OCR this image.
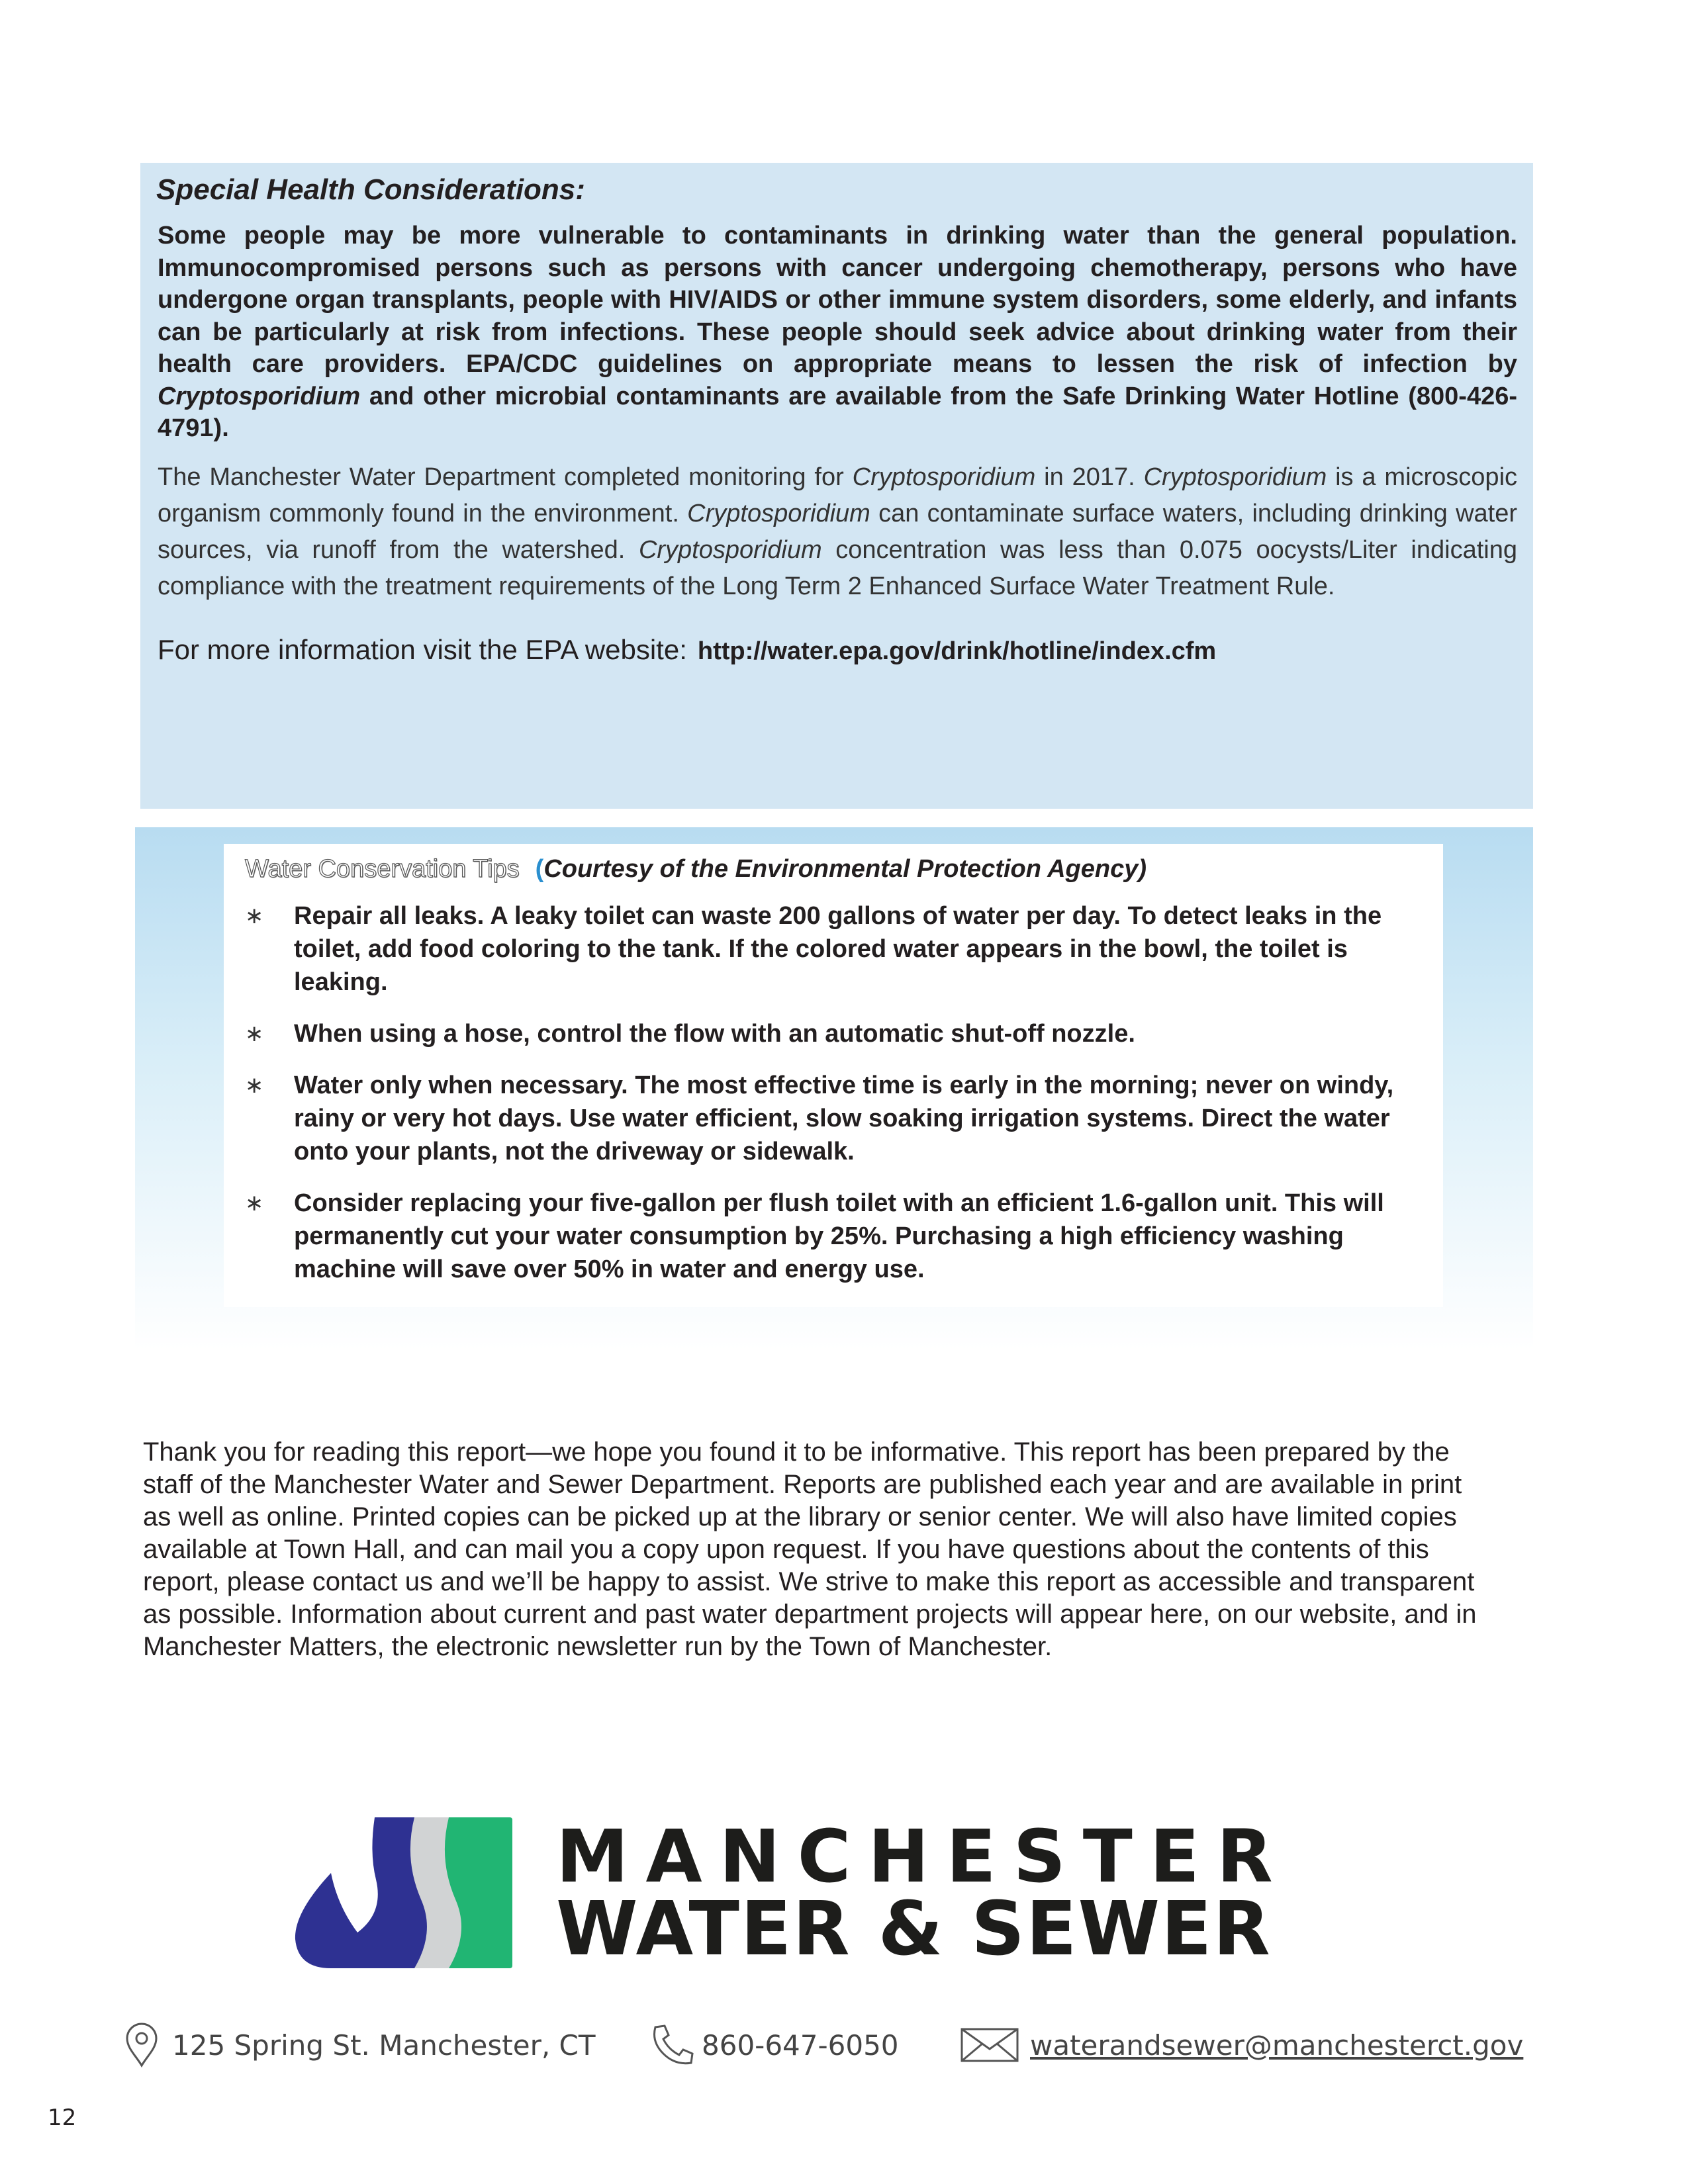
Special Health Considerations:

Some people may be more vulnerable to contaminants in drinking water than the general population. Immunocompromised persons such as persons with cancer undergoing chemotherapy, persons who have undergone organ transplants, people with HIV/AIDS or other immune system disorders, some elderly, and infants can be particularly at risk from infections. These people should seek advice about drinking water from their health care providers. EPA/CDC guidelines on appropriate means to lessen the risk of infection by Cryptosporidium and other microbial contaminants are available from the Safe Drinking Water Hotline (800-426-4791).

The Manchester Water Department completed monitoring for Cryptosporidium in 2017. Cryptosporidium is a microscopic organism commonly found in the environment. Cryptosporidium can contaminate surface waters, including drinking water sources, via runoff from the watershed. Cryptosporidium concentration was less than 0.075 oocysts/Liter indicating compliance with the treatment requirements of the Long Term 2 Enhanced Surface Water Treatment Rule.

For more information visit the EPA website: http://water.epa.gov/drink/hotline/index.cfm
Water Conservation Tips (Courtesy of the Environmental Protection Agency)
∗ Repair all leaks. A leaky toilet can waste 200 gallons of water per day. To detect leaks in the toilet, add food coloring to the tank. If the colored water appears in the bowl, the toilet is leaking.
∗ When using a hose, control the flow with an automatic shut-off nozzle.
∗ Water only when necessary. The most effective time is early in the morning; never on windy, rainy or very hot days. Use water efficient, slow soaking irrigation systems. Direct the water onto your plants, not the driveway or sidewalk.
∗ Consider replacing your five-gallon per flush toilet with an efficient 1.6-gallon unit. This will permanently cut your water consumption by 25%. Purchasing a high efficiency washing machine will save over 50% in water and energy use.
Thank you for reading this report—we hope you found it to be informative. This report has been prepared by the staff of the Manchester Water and Sewer Department. Reports are published each year and are available in print as well as online. Printed copies can be picked up at the library or senior center. We will also have limited copies available at Town Hall, and can mail you a copy upon request. If you have questions about the contents of this report, please contact us and we’ll be happy to assist. We strive to make this report as accessible and transparent as possible. Information about current and past water department projects will appear here, on our website, and in Manchester Matters, the electronic newsletter run by the Town of Manchester.
MANCHESTER
WATER & SEWER
125 Spring St. Manchester, CT	860-647-6050	waterandsewer@manchesterct.gov
12
